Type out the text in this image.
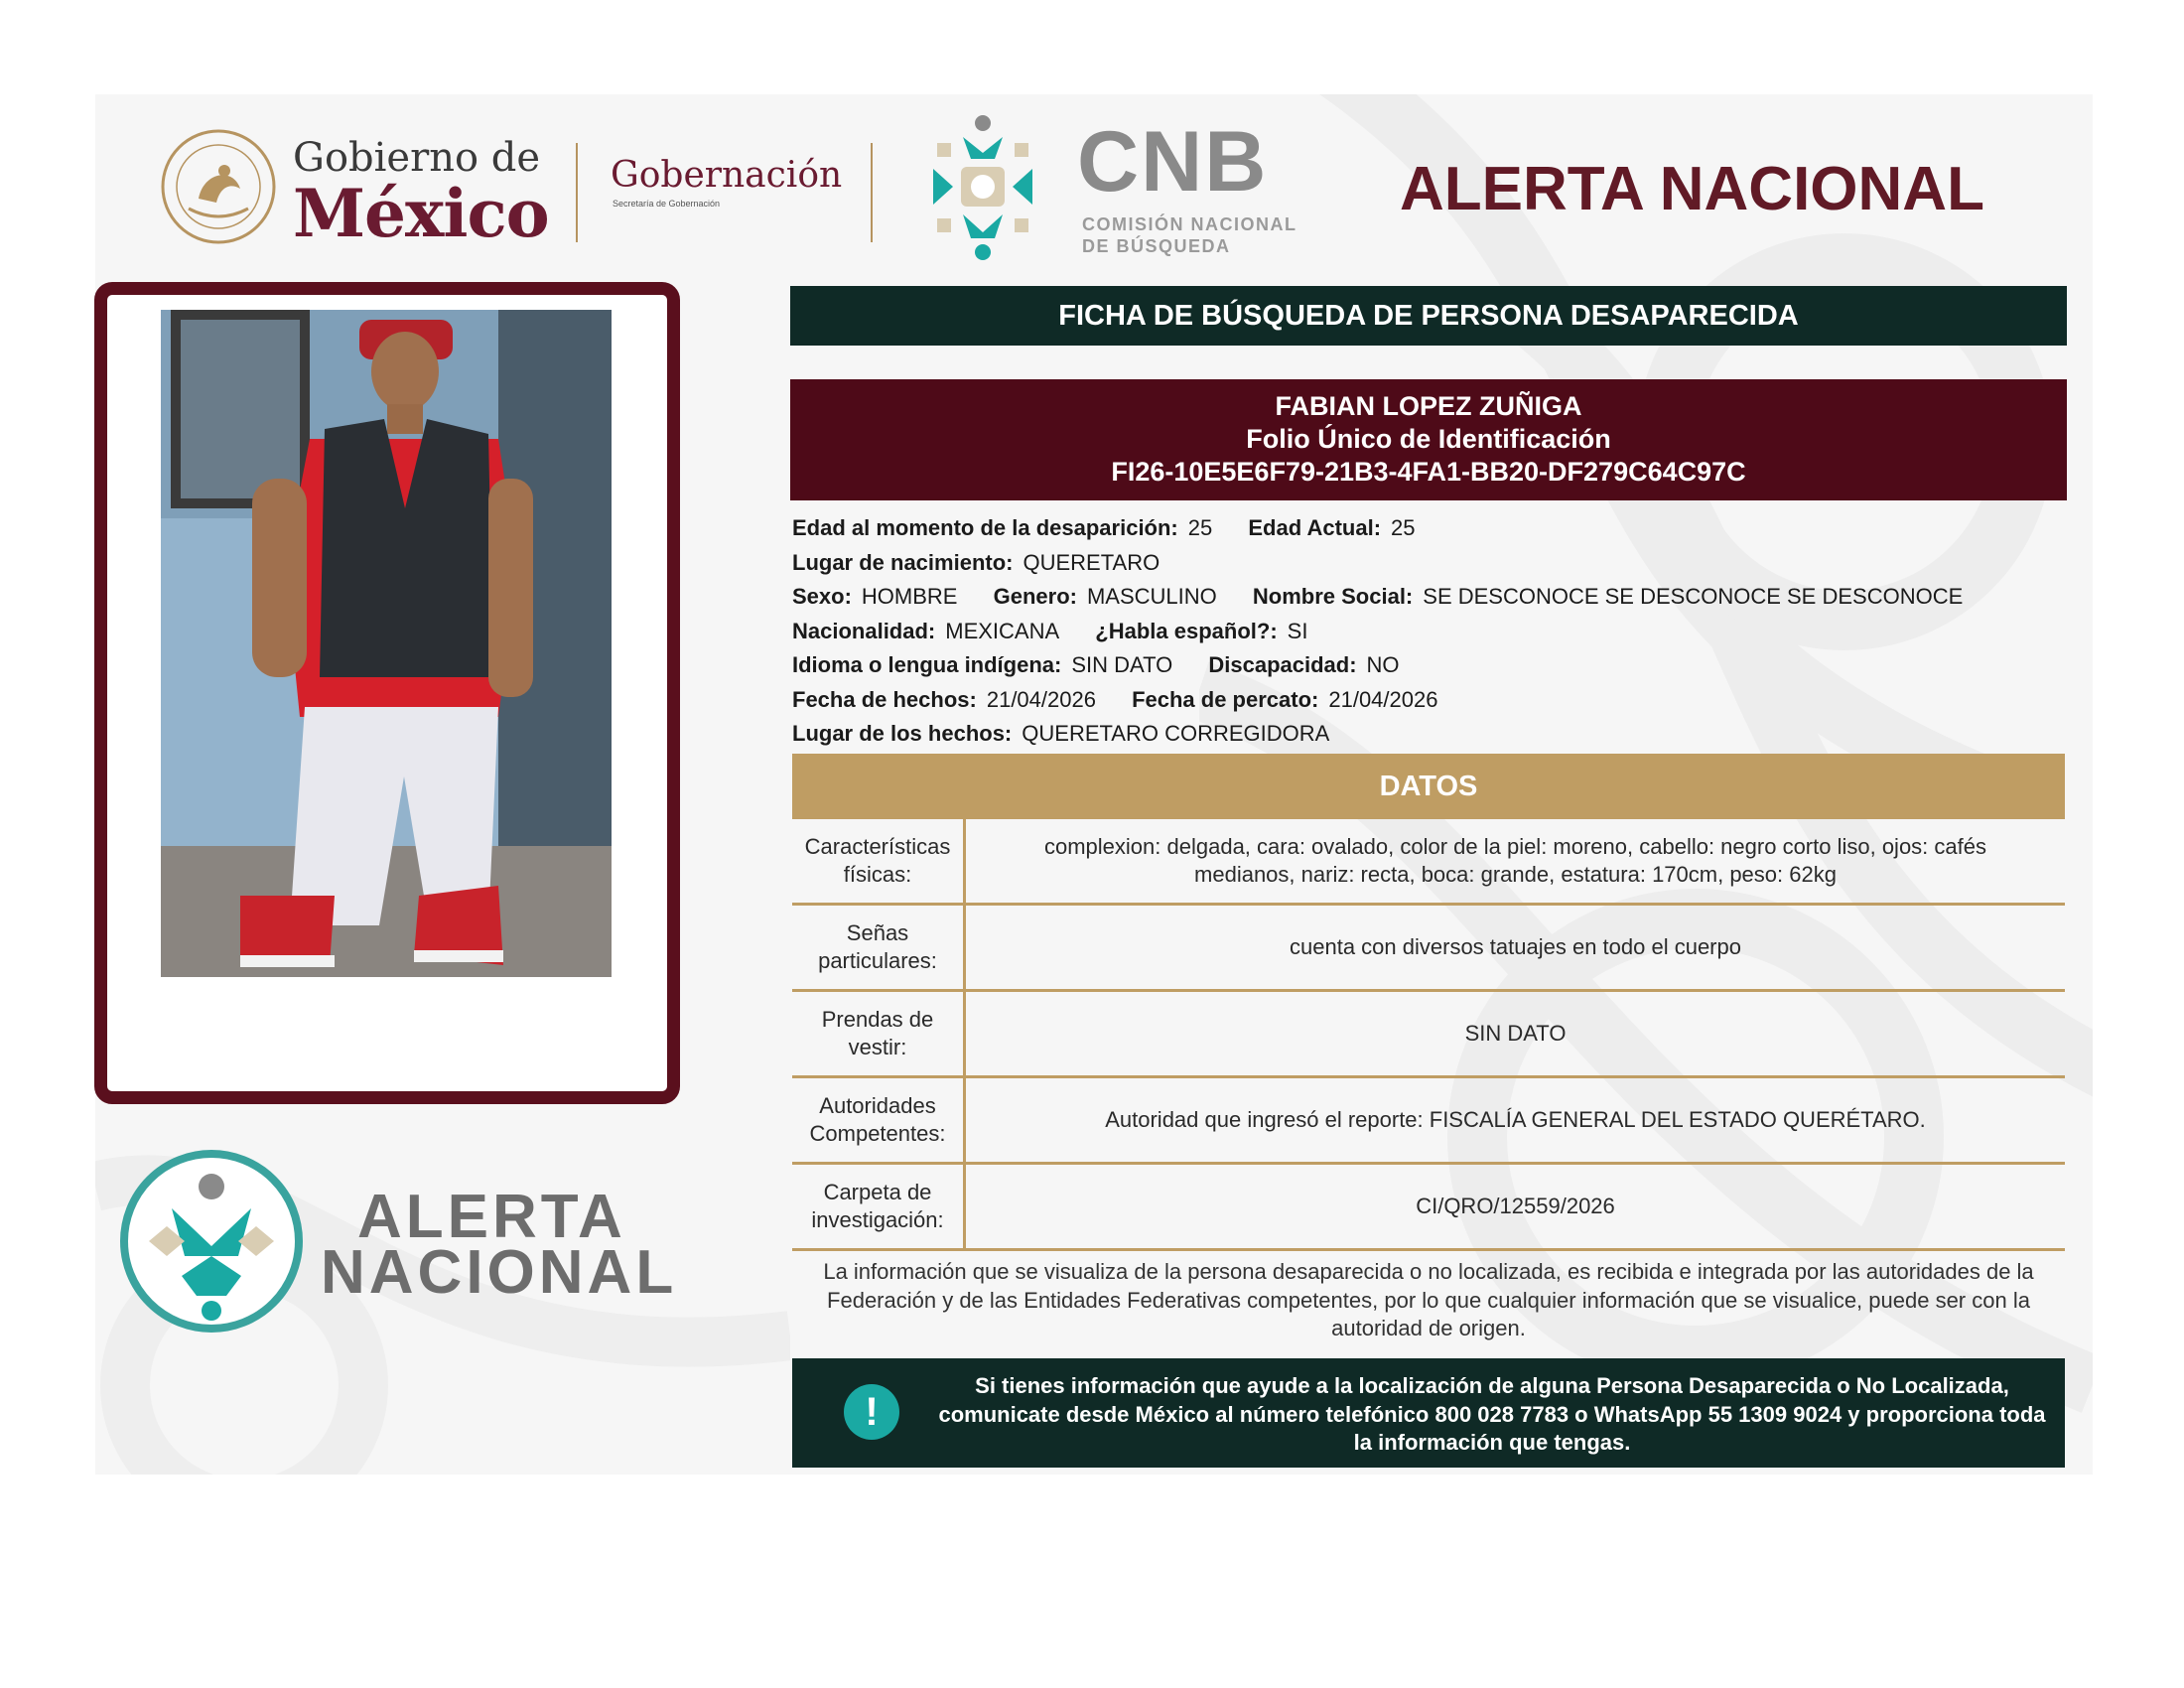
Gobierno de
México Gobernación
Secretaría de Gobernación	CNB
COMISIÓN NACIONAL
DE BÚSQUEDA
ALERTA NACIONAL
ALERTA
NACIONAL
FICHA DE BÚSQUEDA DE PERSONA DESAPARECIDA
FABIAN LOPEZ ZUÑIGA
Folio Único de Identificación
FI26-10E5E6F79-21B3-4FA1-BB20-DF279C64C97C
Edad al momento de la desaparición: 25 Edad Actual: 25
Lugar de nacimiento: QUERETARO
Sexo: HOMBRE Genero: MASCULINO Nombre Social: SE DESCONOCE SE DESCONOCE SE DESCONOCE
Nacionalidad: MEXICANA ¿Habla español?: SI
Idioma o lengua indígena: SIN DATO Discapacidad: NO
Fecha de hechos: 21/04/2026 Fecha de percato: 21/04/2026
Lugar de los hechos: QUERETARO CORREGIDORA
DATOS
Características físicas:	complexion: delgada, cara: ovalado, color de la piel: moreno, cabello: negro corto liso, ojos: cafés medianos, nariz: recta, boca: grande, estatura: 170cm, peso: 62kg
Señas particulares:	cuenta con diversos tatuajes en todo el cuerpo
Prendas de vestir:	SIN DATO
Autoridades Competentes:	Autoridad que ingresó el reporte: FISCALÍA GENERAL DEL ESTADO QUERÉTARO.
Carpeta de investigación:	CI/QRO/12559/2026
La información que se visualiza de la persona desaparecida o no localizada, es recibida e integrada por las autoridades de la Federación y de las Entidades Federativas competentes, por lo que cualquier información que se visualice, puede ser con la autoridad de origen.
!
Si tienes información que ayude a la localización de alguna Persona Desaparecida o No Localizada, comunicate desde México al número telefónico 800 028 7783 o WhatsApp 55 1309 9024 y proporciona toda la información que tengas.
